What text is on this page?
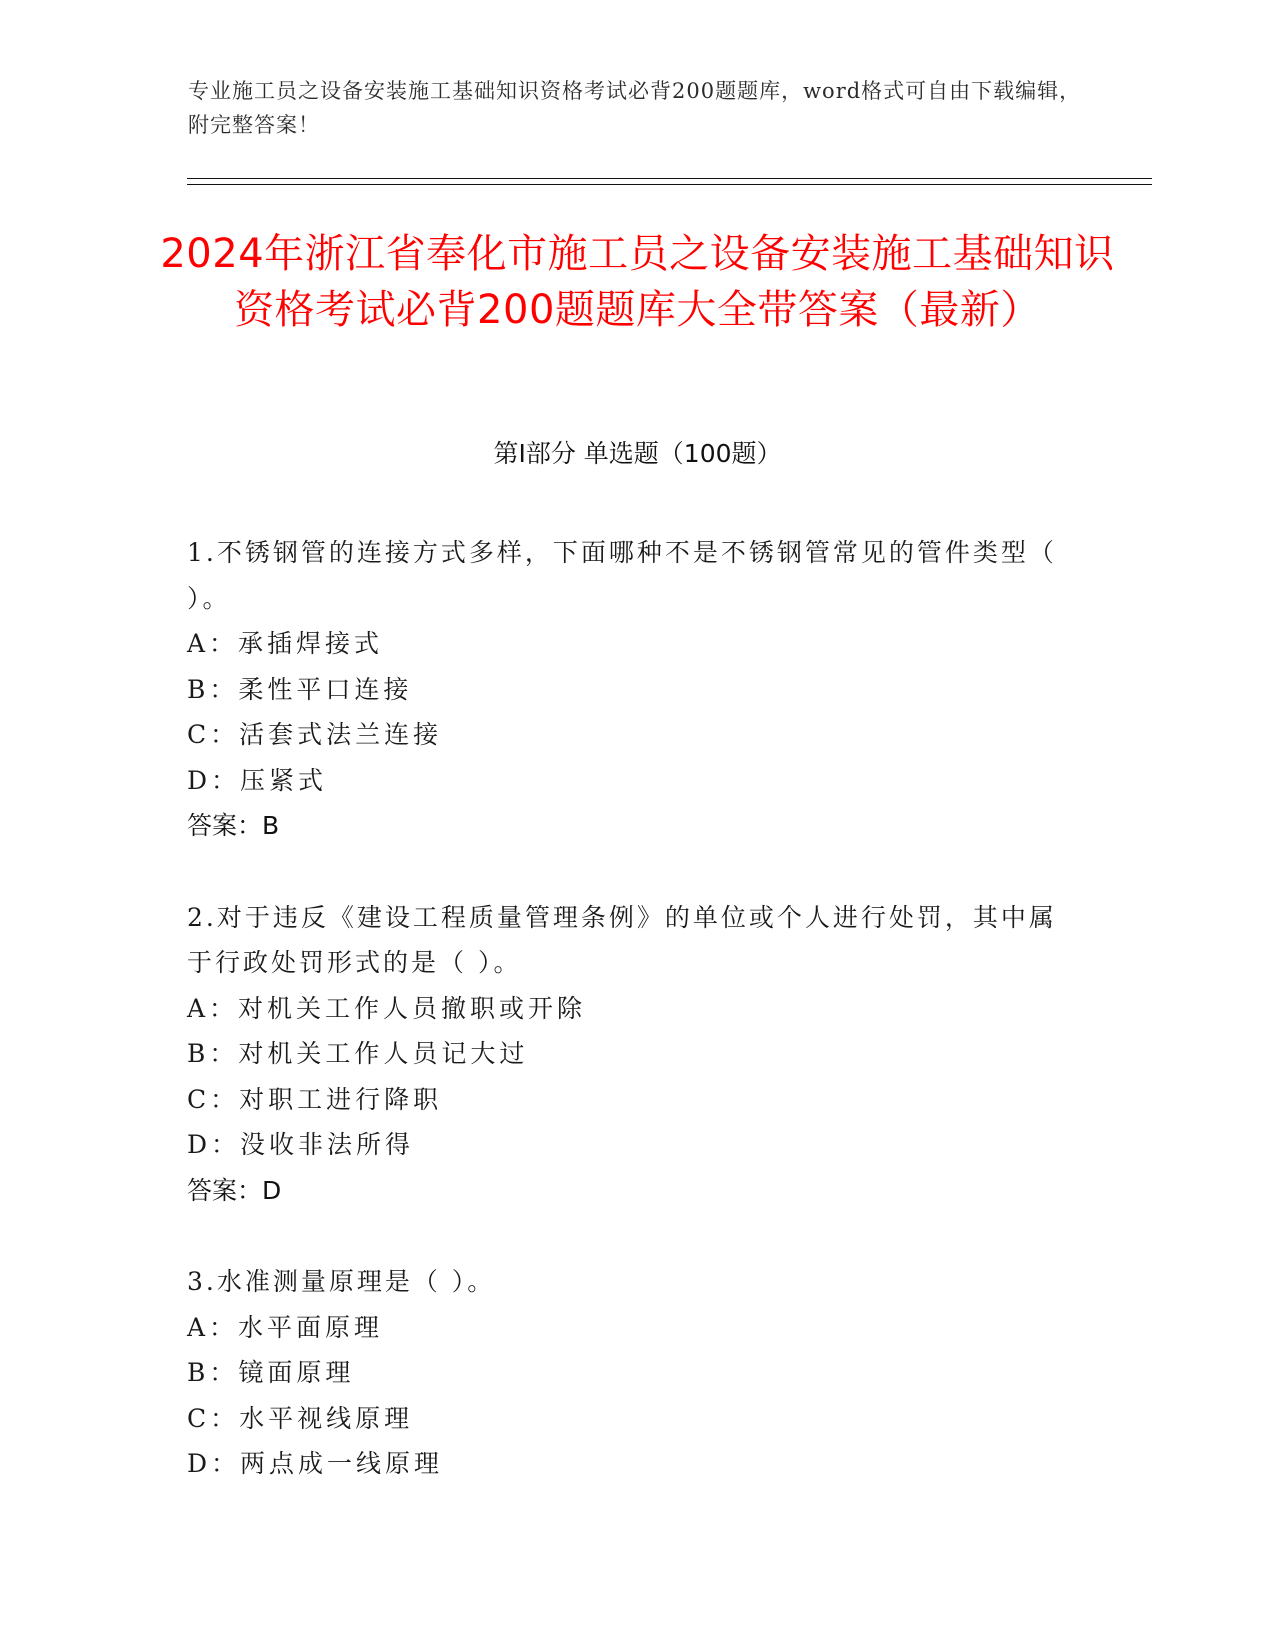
专业施工员之设备安装施工基础知识资格考试必背200题题库，word格式可自由下载编辑，附完整答案！
2024年浙江省奉化市施工员之设备安装施工基础知识资格考试必背200题题库大全带答案（最新）
第I部分 单选题（100题）
1.不锈钢管的连接方式多样，下面哪种不是不锈钢管常见的管件类型（ ）。
A：承插焊接式
B：柔性平口连接
C：活套式法兰连接
D：压紧式
答案：B
2.对于违反《建设工程质量管理条例》的单位或个人进行处罚，其中属于行政处罚形式的是（ ）。
A：对机关工作人员撤职或开除
B：对机关工作人员记大过
C：对职工进行降职
D：没收非法所得
答案：D
3.水准测量原理是（ ）。
A：水平面原理
B：镜面原理
C：水平视线原理
D：两点成一线原理
